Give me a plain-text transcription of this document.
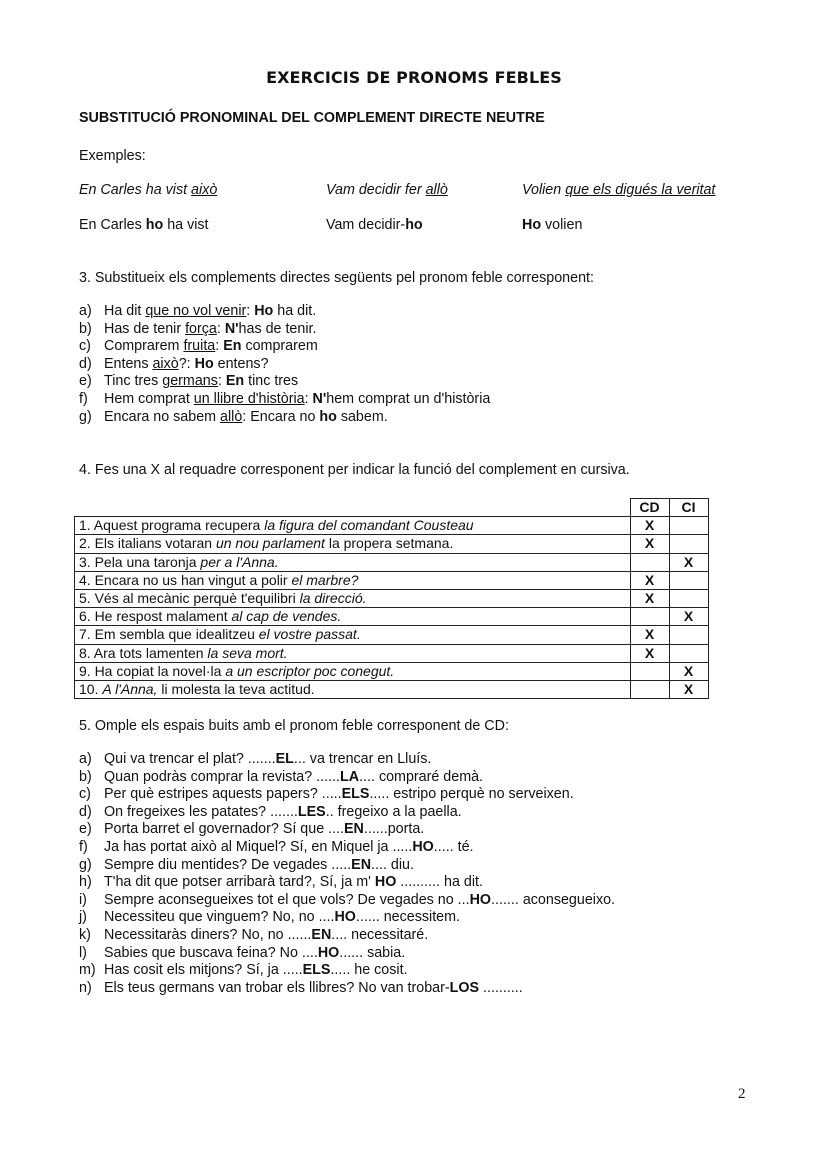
EXERCICIS DE PRONOMS FEBLES
SUBSTITUCIÓ PRONOMINAL DEL COMPLEMENT DIRECTE NEUTRE
Exemples:
En Carles ha vist això	Vam decidir fer allò	Volien que els digués la veritat
En Carles ho ha vist	Vam decidir-ho	Ho volien
3. Substitueix els complements directes següents pel pronom feble corresponent:
a) Ha dit que no vol venir: Ho ha dit.
b) Has de tenir força: N'has de tenir.
c) Comprarem fruita: En comprarem
d) Entens això?: Ho entens?
e) Tinc tres germans: En tinc tres
f) Hem comprat un llibre d'història: N'hem comprat un d'història
g) Encara no sabem allò: Encara no ho sabem.
4. Fes una X al requadre corresponent per indicar la funció del complement en cursiva.
	CD	CI
1. Aquest programa recupera la figura del comandant Cousteau	X	
2. Els italians votaran un nou parlament la propera setmana.	X	
3. Pela una taronja per a l'Anna.		X
4. Encara no us han vingut a polir el marbre?	X	
5. Vés al mecànic perquè t'equilibri la direcció.	X	
6. He respost malament al cap de vendes.		X
7. Em sembla que idealitzeu el vostre passat.	X	
8. Ara tots lamenten la seva mort.	X	
9. Ha copiat la novel·la a un escriptor poc conegut.		X
10. A l'Anna, li molesta la teva actitud.		X
5. Omple els espais buits amb el pronom feble corresponent de CD:
a) Qui va trencar el plat? .......EL... va trencar en Lluís.
b) Quan podràs comprar la revista? ......LA.... compraré demà.
c) Per què estripes aquests papers? .....ELS..... estripo perquè no serveixen.
d) On fregeixes les patates? .......LES.. fregeixo a la paella.
e) Porta barret el governador? Sí que ....EN......porta.
f) Ja has portat això al Miquel? Sí, en Miquel ja .....HO..... té.
g) Sempre diu mentides? De vegades .....EN.... diu.
h) T'ha dit que potser arribarà tard?, Sí, ja m' HO .......... ha dit.
i) Sempre aconsegueixes tot el que vols? De vegades no ...HO....... aconsegueixo.
j) Necessiteu que vinguem? No, no ....HO...... necessitem.
k) Necessitaràs diners? No, no ......EN.... necessitaré.
l) Sabies que buscava feina? No ....HO...... sabia.
m) Has cosit els mitjons? Sí, ja .....ELS..... he cosit.
n) Els teus germans van trobar els llibres? No van trobar-LOS ..........
2
